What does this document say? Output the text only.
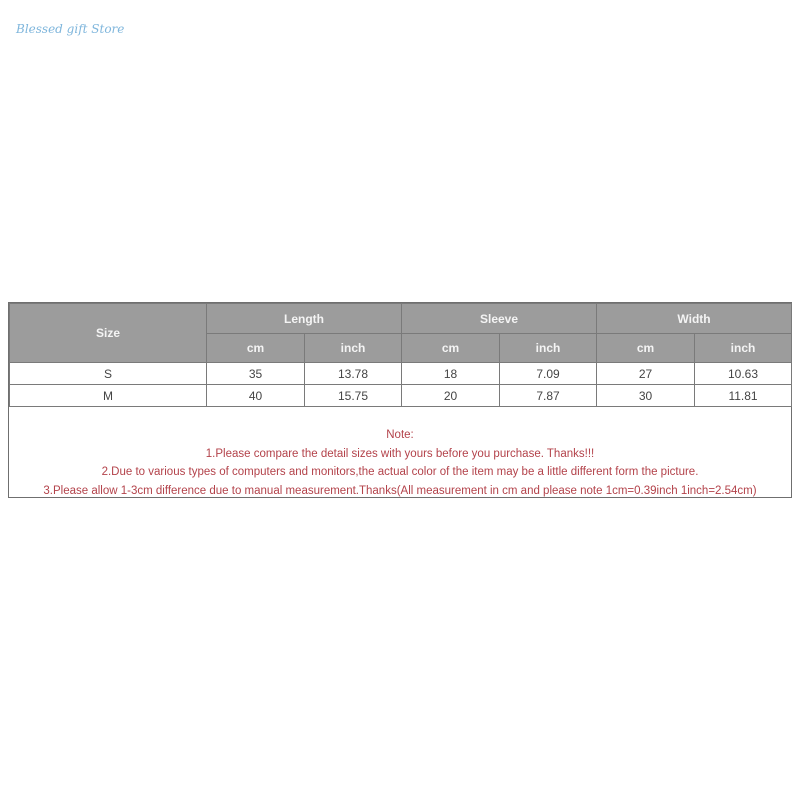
Blessed gift Store
Size	Length		Sleeve		Width	
	cm	inch	cm	inch	cm	inch
S	35	13.78	18	7.09	27	10.63
M	40	15.75	20	7.87	30	11.81
Note:
1.Please compare the detail sizes with yours before you purchase. Thanks!!!
2.Due to various types of computers and monitors,the actual color of the item may be a little different form the picture.
3.Please allow 1-3cm difference due to manual measurement.Thanks(All measurement in cm and please note 1cm=0.39inch 1inch=2.54cm)
